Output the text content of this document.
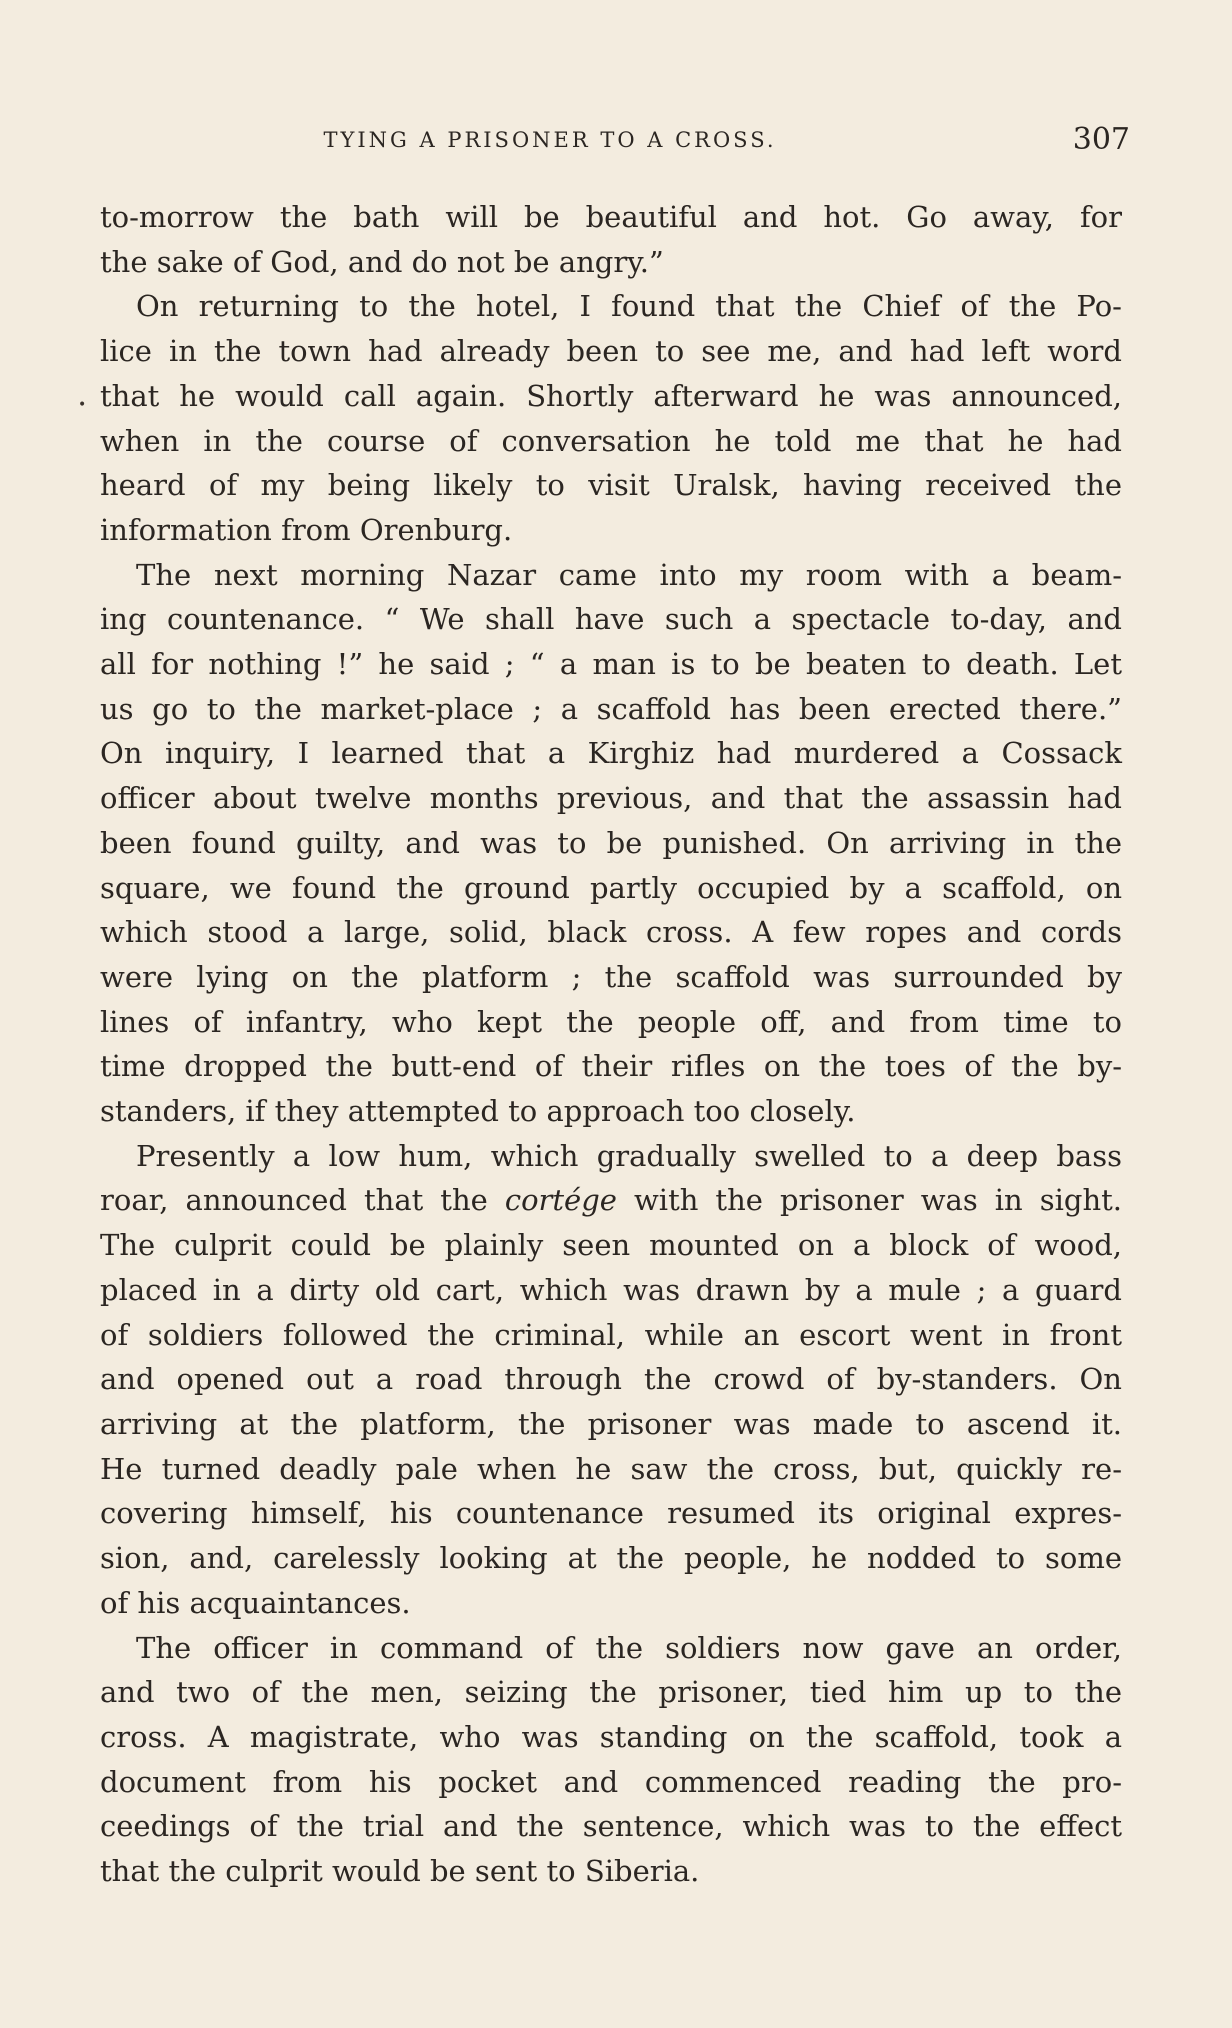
TYING A PRISONER TO A CROSS.	307
•

to-morrow the bath will be beautiful and hot. Go away, for
the sake of God, and do not be angry.”

On returning to the hotel, I found that the Chief of the Po-
lice in the town had already been to see me, and had left word
that he would call again. Shortly afterward he was announced,
when in the course of conversation he told me that he had
heard of my being likely to visit Uralsk, having received the
information from Orenburg.

The next morning Nazar came into my room with a beam-
ing countenance. “ We shall have such a spectacle to-day, and
all for nothing !” he said ; “ a man is to be beaten to death. Let
us go to the market-place ; a scaffold has been erected there.”
On inquiry, I learned that a Kirghiz had murdered a Cossack
officer about twelve months previous, and that the assassin had
been found guilty, and was to be punished. On arriving in the
square, we found the ground partly occupied by a scaffold, on
which stood a large, solid, black cross. A few ropes and cords
were lying on the platform ; the scaffold was surrounded by
lines of infantry, who kept the people off, and from time to
time dropped the butt-end of their rifles on the toes of the by-
standers, if they attempted to approach too closely.

Presently a low hum, which gradually swelled to a deep bass
roar, announced that the cortége with the prisoner was in sight.
The culprit could be plainly seen mounted on a block of wood,
placed in a dirty old cart, which was drawn by a mule ; a guard
of soldiers followed the criminal, while an escort went in front
and opened out a road through the crowd of by-standers. On
arriving at the platform, the prisoner was made to ascend it.
He turned deadly pale when he saw the cross, but, quickly re-
covering himself, his countenance resumed its original expres-
sion, and, carelessly looking at the people, he nodded to some
of his acquaintances.

The officer in command of the soldiers now gave an order,
and two of the men, seizing the prisoner, tied him up to the
cross. A magistrate, who was standing on the scaffold, took a
document from his pocket and commenced reading the pro-
ceedings of the trial and the sentence, which was to the effect
that the culprit would be sent to Siberia.
